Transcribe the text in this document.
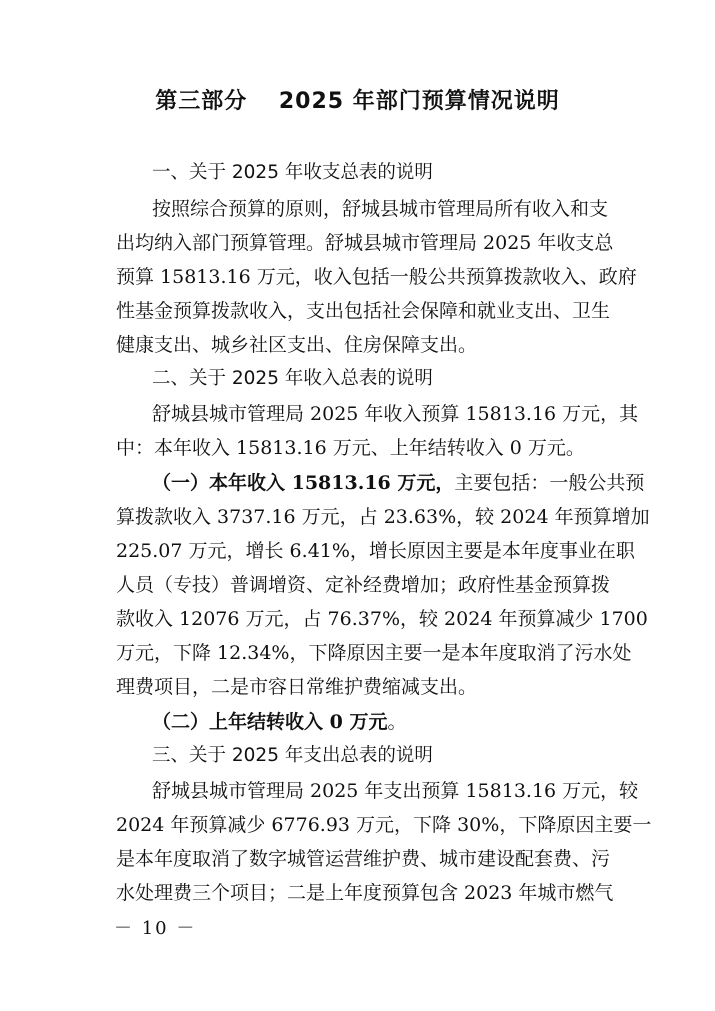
第三部分　 2025 年部门预算情况说明
一、关于 2025 年收支总表的说明
按照综合预算的原则，舒城县城市管理局所有收入和支
出均纳入部门预算管理。舒城县城市管理局 2025 年收支总
预算 15813.16 万元，收入包括一般公共预算拨款收入、政府
性基金预算拨款收入，支出包括社会保障和就业支出、卫生
健康支出、城乡社区支出、住房保障支出。
二、关于 2025 年收入总表的说明
舒城县城市管理局 2025 年收入预算 15813.16 万元，其
中：本年收入 15813.16 万元、上年结转收入 0 万元。
（一）本年收入 15813.16 万元，主要包括：一般公共预
算拨款收入 3737.16 万元，占 23.63%，较 2024 年预算增加
225.07 万元，增长 6.41%，增长原因主要是本年度事业在职
人员（专技）普调增资、定补经费增加；政府性基金预算拨
款收入 12076 万元，占 76.37%，较 2024 年预算减少 1700
万元，下降 12.34%，下降原因主要一是本年度取消了污水处
理费项目，二是市容日常维护费缩减支出。
（二）上年结转收入 0 万元。
三、关于 2025 年支出总表的说明
舒城县城市管理局 2025 年支出预算 15813.16 万元，较
2024 年预算减少 6776.93 万元，下降 30%，下降原因主要一
是本年度取消了数字城管运营维护费、城市建设配套费、污
水处理费三个项目；二是上年度预算包含 2023 年城市燃气
－ 10 －
